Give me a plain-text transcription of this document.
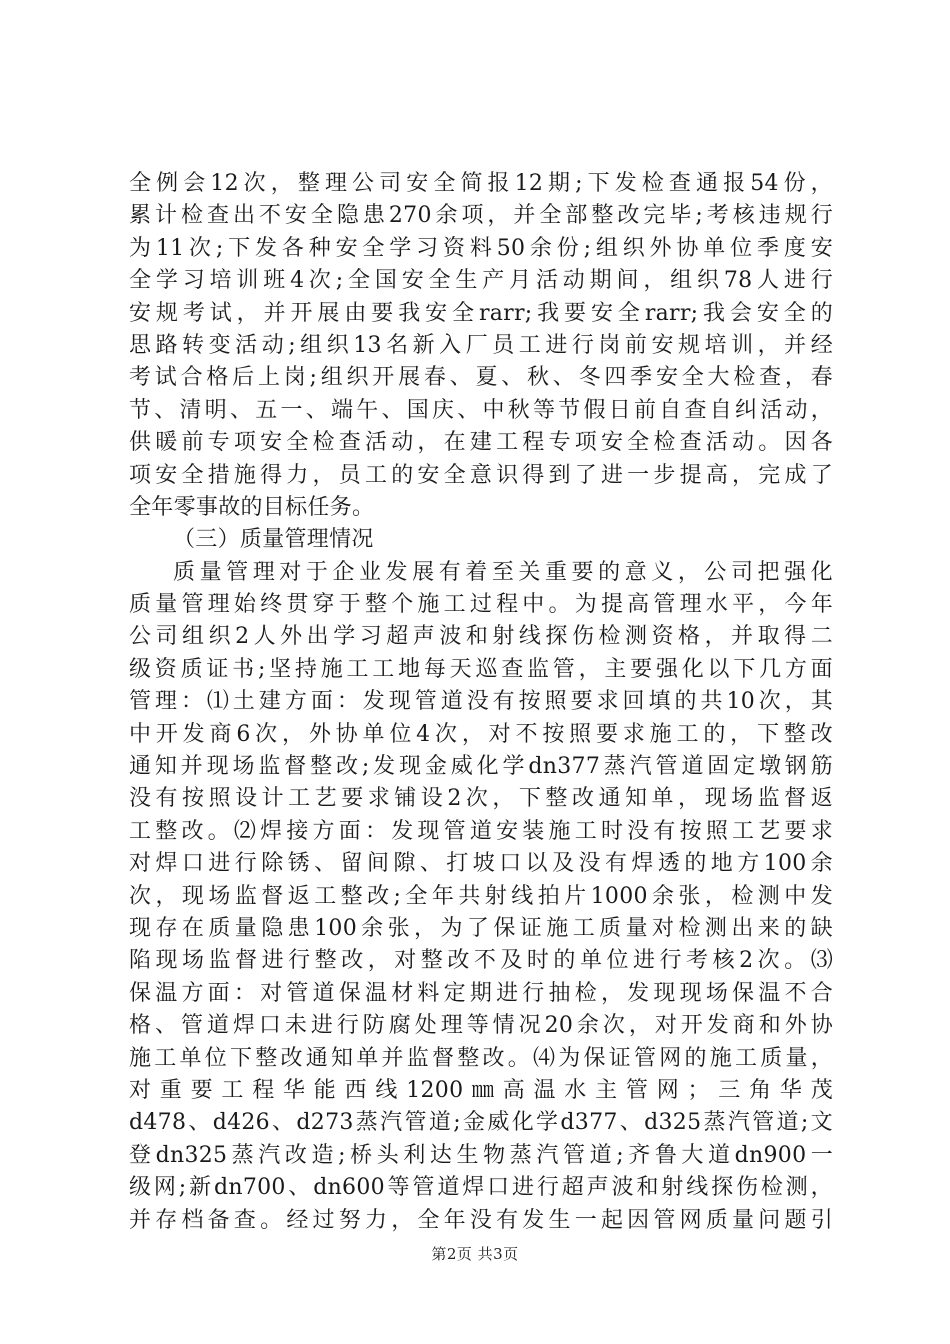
全例会12次，整理公司安全简报12期;下发检查通报54份，
累计检查出不安全隐患270余项，并全部整改完毕;考核违规行
为11次;下发各种安全学习资料50余份;组织外协单位季度安
全学习培训班4次;全国安全生产月活动期间，组织78人进行
安规考试，并开展由要我安全rarr;我要安全rarr;我会安全的
思路转变活动;组织13名新入厂员工进行岗前安规培训，并经
考试合格后上岗;组织开展春、夏、秋、冬四季安全大检查，春
节、清明、五一、端午、国庆、中秋等节假日前自查自纠活动，
供暖前专项安全检查活动，在建工程专项安全检查活动。因各
项安全措施得力，员工的安全意识得到了进一步提高，完成了
全年零事故的目标任务。
（三）质量管理情况
质量管理对于企业发展有着至关重要的意义，公司把强化
质量管理始终贯穿于整个施工过程中。为提高管理水平，今年
公司组织2人外出学习超声波和射线探伤检测资格，并取得二
级资质证书;坚持施工工地每天巡查监管，主要强化以下几方面
管理：⑴土建方面：发现管道没有按照要求回填的共10次，其
中开发商6次，外协单位4次，对不按照要求施工的，下整改
通知并现场监督整改;发现金威化学dn377蒸汽管道固定墩钢筋
没有按照设计工艺要求铺设2次，下整改通知单，现场监督返
工整改。⑵焊接方面：发现管道安装施工时没有按照工艺要求
对焊口进行除锈、留间隙、打坡口以及没有焊透的地方100余
次，现场监督返工整改;全年共射线拍片1000余张，检测中发
现存在质量隐患100余张，为了保证施工质量对检测出来的缺
陷现场监督进行整改，对整改不及时的单位进行考核2次。⑶
保温方面：对管道保温材料定期进行抽检，发现现场保温不合
格、管道焊口未进行防腐处理等情况20余次，对开发商和外协
施工单位下整改通知单并监督整改。⑷为保证管网的施工质量，
对重要工程华能西线1200㎜高温水主管网；三角华茂
d478、d426、d273蒸汽管道;金威化学d377、d325蒸汽管道;文
登dn325蒸汽改造;桥头利达生物蒸汽管道;齐鲁大道dn900一
级网;新dn700、dn600等管道焊口进行超声波和射线探伤检测，
并存档备查。经过努力，全年没有发生一起因管网质量问题引
第2页 共3页
